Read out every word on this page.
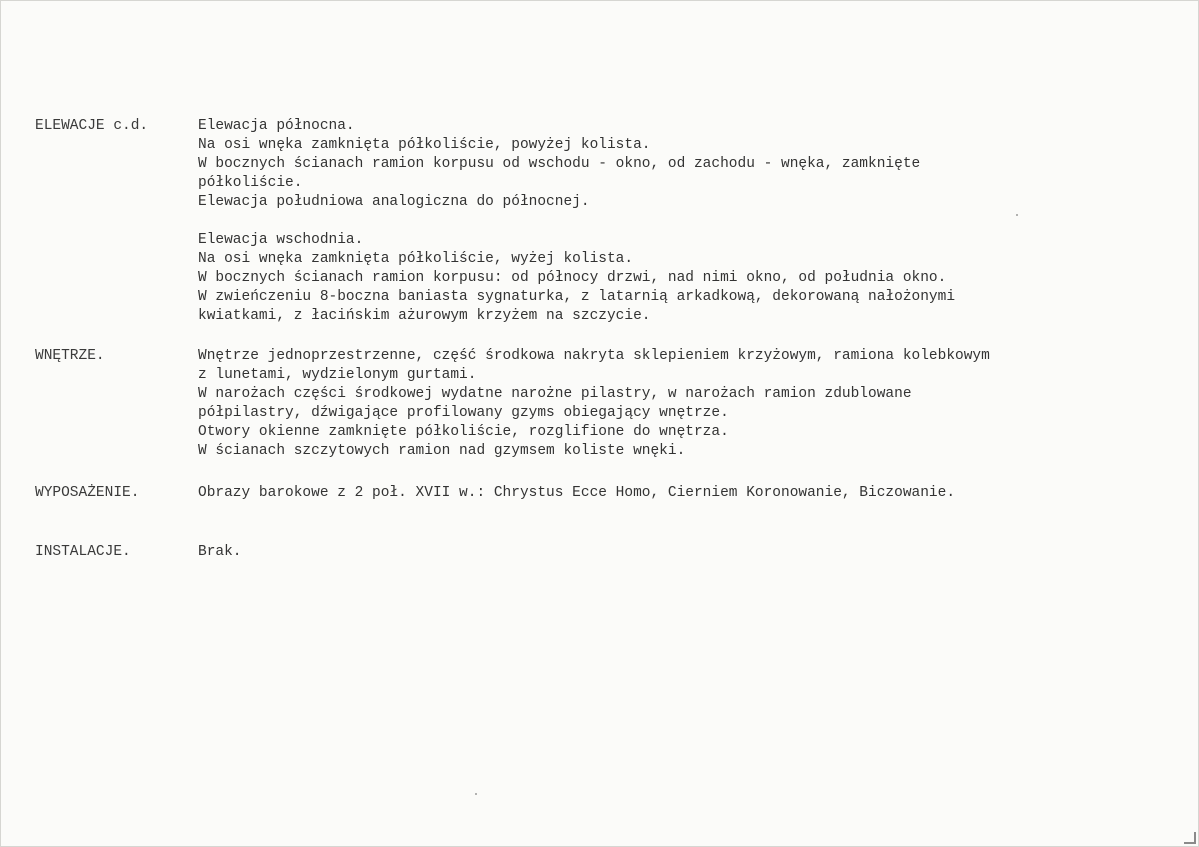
ELEWACJE c.d.	Elewacja północna.
Na osi wnęka zamknięta półkoliście, powyżej kolista.
W bocznych ścianach ramion korpusu od wschodu - okno, od zachodu - wnęka, zamknięte
półkoliście.
Elewacja południowa analogiczna do północnej.
Elewacja wschodnia.
Na osi wnęka zamknięta półkoliście, wyżej kolista.
W bocznych ścianach ramion korpusu: od północy drzwi, nad nimi okno, od południa okno.
W zwieńczeniu 8-boczna baniasta sygnaturka, z latarnią arkadkową, dekorowaną nałożonymi
kwiatkami, z łacińskim ażurowym krzyżem na szczycie.
WNĘTRZE.	Wnętrze jednoprzestrzenne, część środkowa nakryta sklepieniem krzyżowym, ramiona kolebkowym
z lunetami, wydzielonym gurtami.
W narożach części środkowej wydatne narożne pilastry, w narożach ramion zdublowane
półpilastry, dźwigające profilowany gzyms obiegający wnętrze.
Otwory okienne zamknięte półkoliście, rozglifione do wnętrza.
W ścianach szczytowych ramion nad gzymsem koliste wnęki.
WYPOSAŻENIE.	Obrazy barokowe z 2 poł. XVII w.: Chrystus Ecce Homo, Cierniem Koronowanie, Biczowanie.
INSTALACJE.	Brak.
